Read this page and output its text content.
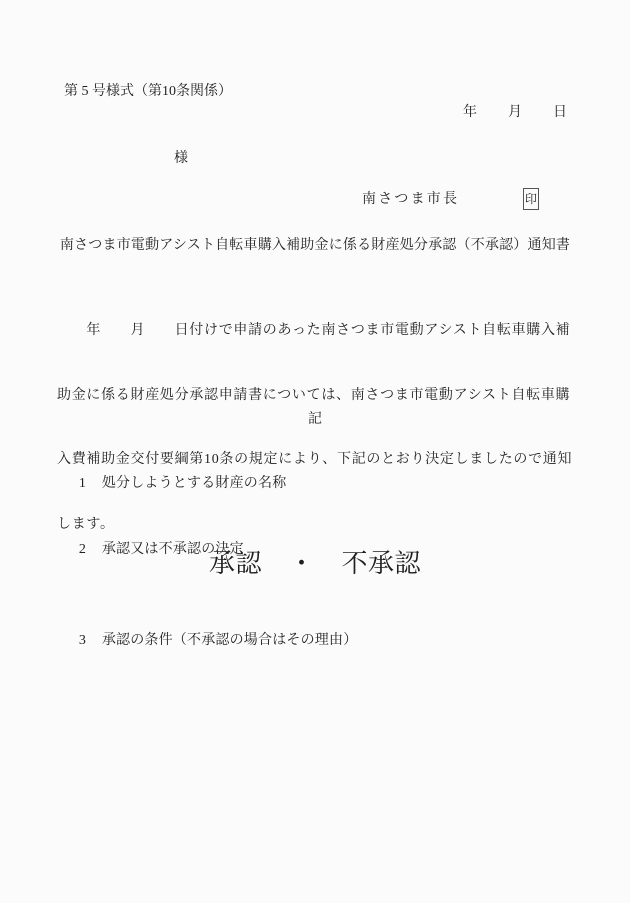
第 5 号様式（第10条関係）
年　　月　　日
様
南さつま市長	印
南さつま市電動アシスト自転車購入補助金に係る財産処分承認（不承認）通知書

　　年　　月　　日付けで申請のあった南さつま市電動アシスト自転車購入補

助金に係る財産処分承認申請書については、南さつま市電動アシスト自転車購

入費補助金交付要綱第10条の規定により、下記のとおり決定しましたので通知

します。

記

1 処分しようとする財産の名称

2 承認又は不承認の決定

承認　・　不承認

3 承認の条件（不承認の場合はその理由）
